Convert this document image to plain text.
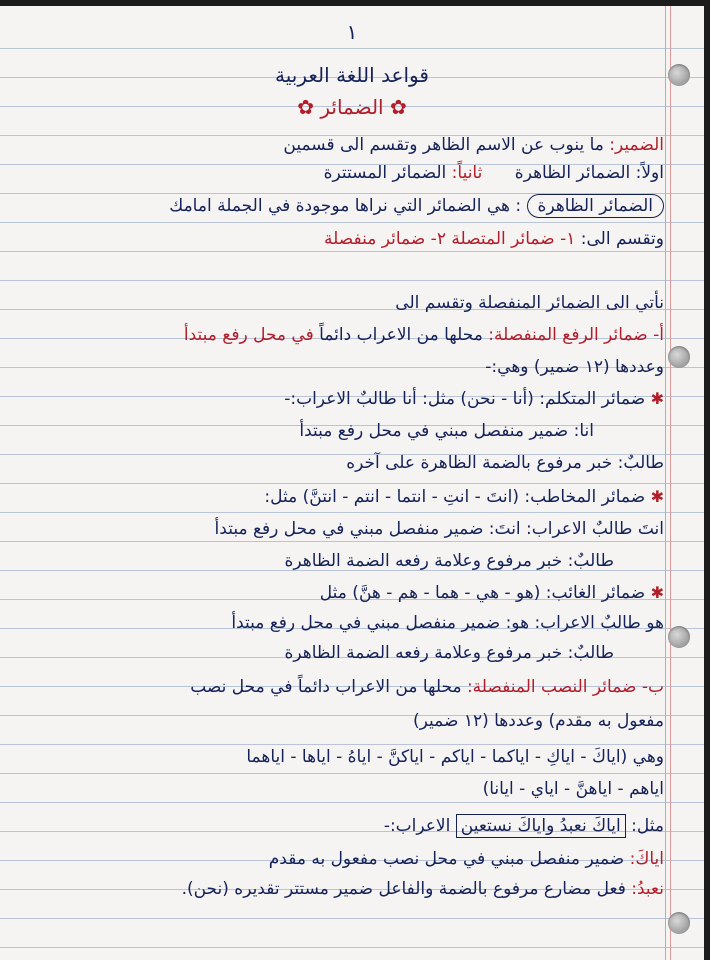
١
قواعد اللغة العربية
✿ الضمائر ✿
الضمير: ما ينوب عن الاسم الظاهر وتقسم الى قسمين
اولاً: الضمائر الظاهرة      ثانياً: الضمائر المستترة
الضمائر الظاهرة : هي الضمائر التي نراها موجودة في الجملة امامك
وتقسم الى: ١- ضمائر المتصلة ٢- ضمائر منفصلة
نأتي الى الضمائر المنفصلة وتقسم الى
أ- ضمائر الرفع المنفصلة: محلها من الاعراب دائماً في محل رفع مبتدأ
وعددها (١٢ ضمير) وهي:-
✱ ضمائر المتكلم: (أنا - نحن) مثل: أنا طالبٌ الاعراب:-
انا: ضمير منفصل مبني في محل رفع مبتدأ
طالبٌ: خبر مرفوع بالضمة الظاهرة على آخره
✱ ضمائر المخاطب: (انتَ - انتِ - انتما - انتم - انتنَّ) مثل:
انتَ طالبٌ الاعراب: انتَ: ضمير منفصل مبني في محل رفع مبتدأ
طالبٌ: خبر مرفوع وعلامة رفعه الضمة الظاهرة
✱ ضمائر الغائب: (هو - هي - هما - هم - هنَّ) مثل
هو طالبٌ الاعراب: هو: ضمير منفصل مبني في محل رفع مبتدأ
طالبٌ: خبر مرفوع وعلامة رفعه الضمة الظاهرة
ب- ضمائر النصب المنفصلة: محلها من الاعراب دائماً في محل نصب
مفعول به مقدم) وعددها (١٢ ضمير)
وهي (اياكَ - اياكِ - اياكما - اياكم - اياكنَّ - اياهُ - اياها - اياهما
اياهم - اياهنَّ - اياي - ايانا)
مثل: اياكَ نعبدُ واياكَ نستعين الاعراب:-
اياكَ: ضمير منفصل مبني في محل نصب مفعول به مقدم
نعبدُ: فعل مضارع مرفوع بالضمة والفاعل ضمير مستتر تقديره (نحن).
